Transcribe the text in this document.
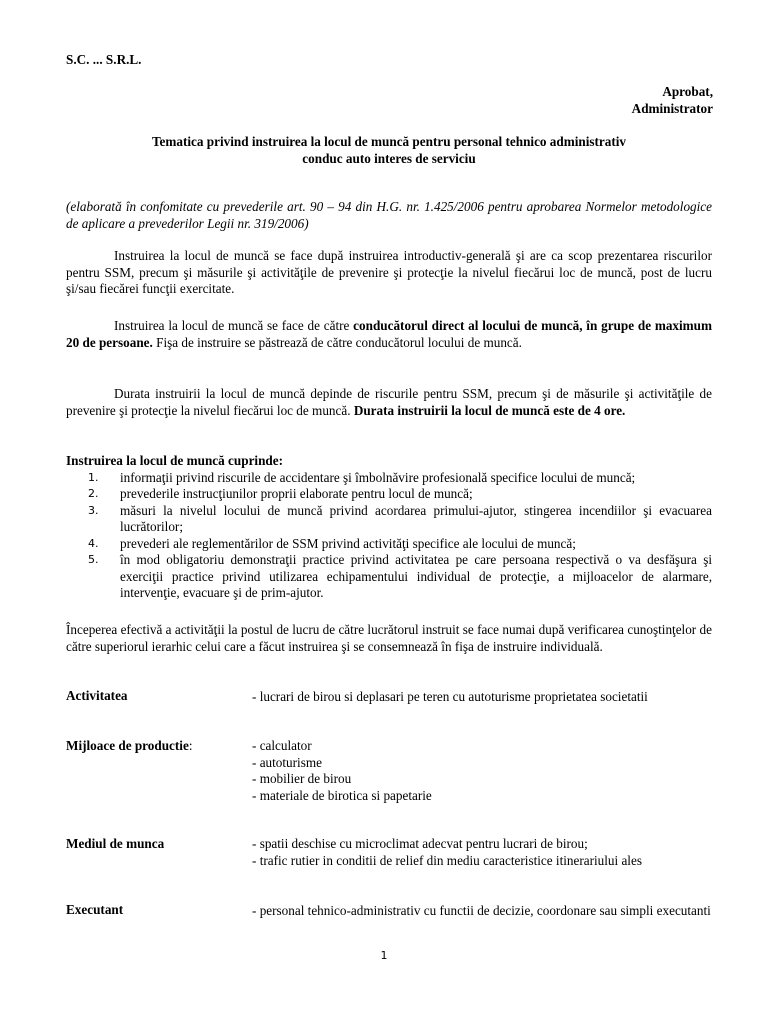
S.C. ... S.R.L.
Aprobat,
Administrator
Tematica privind instruirea la locul de muncă pentru personal tehnico administrativ
conduc auto interes de serviciu

(elaborată în confomitate cu prevederile art. 90 – 94 din H.G. nr. 1.425/2006 pentru aprobarea Normelor metodologice de aplicare a prevederilor Legii nr. 319/2006)

Instruirea la locul de muncă se face după instruirea introductiv-generală şi are ca scop prezentarea riscurilor pentru SSM, precum şi măsurile şi activităţile de prevenire şi protecţie la nivelul fiecărui loc de muncă, post de lucru şi/sau fiecărei funcţii exercitate.

Instruirea la locul de muncă se face de către conducătorul direct al locului de muncă, în grupe de maximum 20 de persoane. Fişa de instruire se păstrează de către conducătorul locului de muncă.

Durata instruirii la locul de muncă depinde de riscurile pentru SSM, precum şi de măsurile şi activităţile de prevenire şi protecţie la nivelul fiecărui loc de muncă. Durata instruirii la locul de muncă este de 4 ore.

Instruirea la locul de muncă cuprinde:

1. informaţii privind riscurile de accidentare şi îmbolnăvire profesională specifice locului de muncă;
2. prevederile instrucţiunilor proprii elaborate pentru locul de muncă;
3. măsuri la nivelul locului de muncă privind acordarea primului-ajutor, stingerea incendiilor şi evacuarea lucrătorilor;
4. prevederi ale reglementărilor de SSM privind activităţi specifice ale locului de muncă;
5. în mod obligatoriu demonstraţii practice privind activitatea pe care persoana respectivă o va desfăşura şi exerciţii practice privind utilizarea echipamentului individual de protecţie, a mijloacelor de alarmare, intervenţie, evacuare şi de prim-ajutor.

Începerea efectivă a activităţii la postul de lucru de către lucrătorul instruit se face numai după verificarea cunoştinţelor de către superiorul ierarhic celui care a făcut instruirea şi se consemnează în fişa de instruire individuală.

Activitatea	- lucrari de birou si deplasari pe teren cu autoturisme proprietatea societatii
Mijloace de productie:	- calculator
- autoturisme
- mobilier de birou
- materiale de birotica si papetarie
Mediul de munca	- spatii deschise cu microclimat adecvat pentru lucrari de birou;
- trafic rutier in conditii de relief din mediu caracteristice itinerariului ales
Executant	- personal tehnico-administrativ cu functii de decizie, coordonare sau simpli executanti
1
